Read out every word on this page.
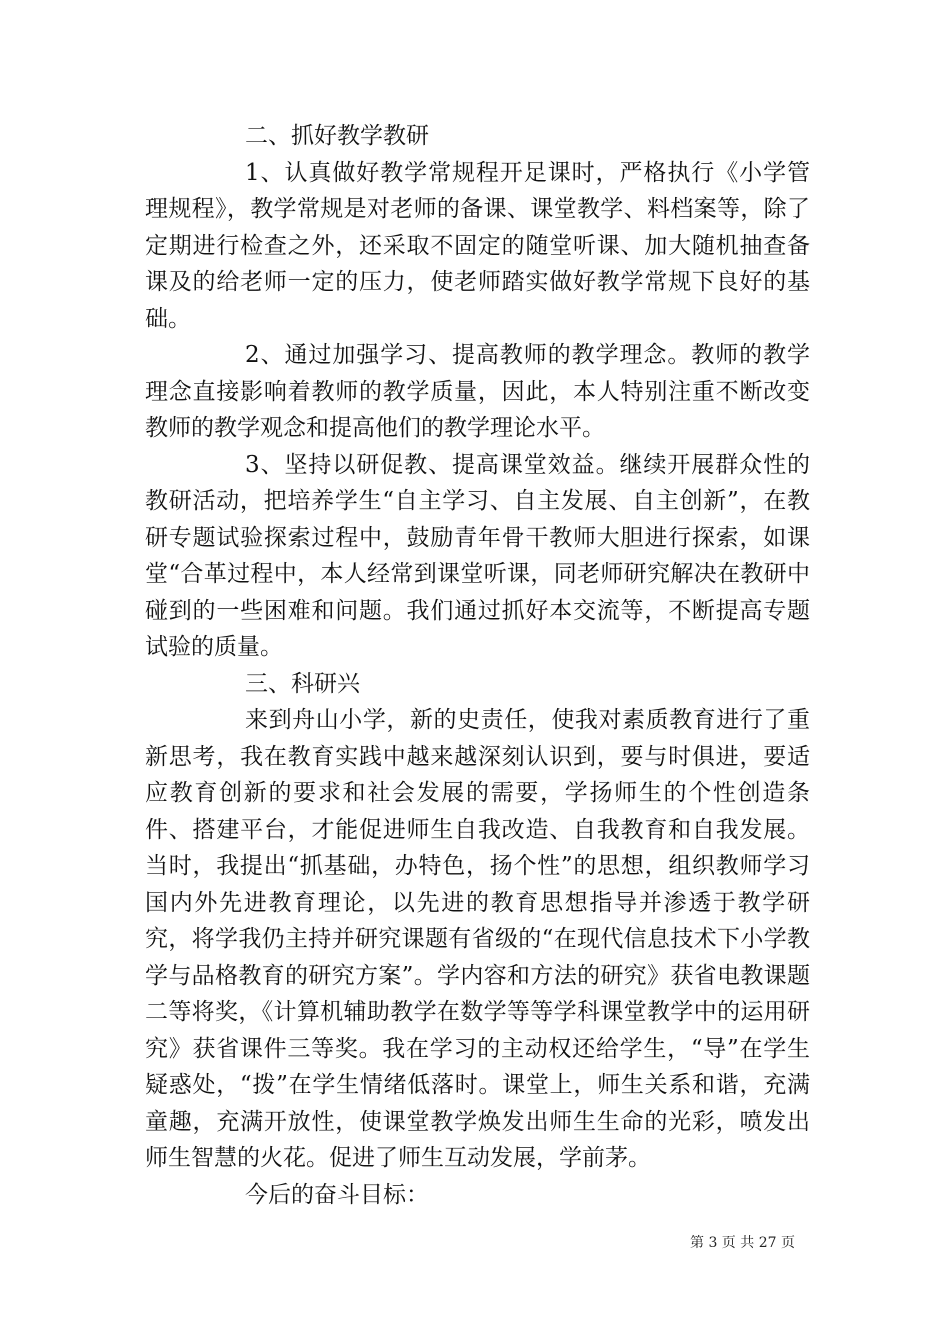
二、抓好教学教研

1、认真做好教学常规程开足课时，严格执行《小学管理规程》，教学常规是对老师的备课、课堂教学、料档案等，除了定期进行检查之外，还采取不固定的随堂听课、加大随机抽查备课及的给老师一定的压力，使老师踏实做好教学常规下良好的基础。

2、通过加强学习、提高教师的教学理念。教师的教学理念直接影响着教师的教学质量，因此，本人特别注重不断改变教师的教学观念和提高他们的教学理论水平。

3、坚持以研促教、提高课堂效益。继续开展群众性的教研活动，把培养学生“自主学习、自主发展、自主创新”，在教研专题试验探索过程中，鼓励青年骨干教师大胆进行探索，如课堂“合革过程中，本人经常到课堂听课，同老师研究解决在教研中碰到的一些困难和问题。我们通过抓好本交流等，不断提高专题试验的质量。

三、科研兴

来到舟山小学，新的史责任，使我对素质教育进行了重新思考，我在教育实践中越来越深刻认识到，要与时俱进，要适应教育创新的要求和社会发展的需要，学扬师生的个性创造条件、搭建平台，才能促进师生自我改造、自我教育和自我发展。当时，我提出“抓基础，办特色，扬个性”的思想，组织教师学习国内外先进教育理论，以先进的教育思想指导并渗透于教学研究，将学我仍主持并研究课题有省级的“在现代信息技术下小学教学与品格教育的研究方案”。学内容和方法的研究》获省电教课题二等将奖，《计算机辅助教学在数学等等学科课堂教学中的运用研究》获省课件三等奖。我在学习的主动权还给学生，“导”在学生疑惑处，“拨”在学生情绪低落时。课堂上，师生关系和谐，充满童趣，充满开放性，使课堂教学焕发出师生生命的光彩，喷发出师生智慧的火花。促进了师生互动发展，学前茅。

今后的奋斗目标：

第 3 页 共 27 页
